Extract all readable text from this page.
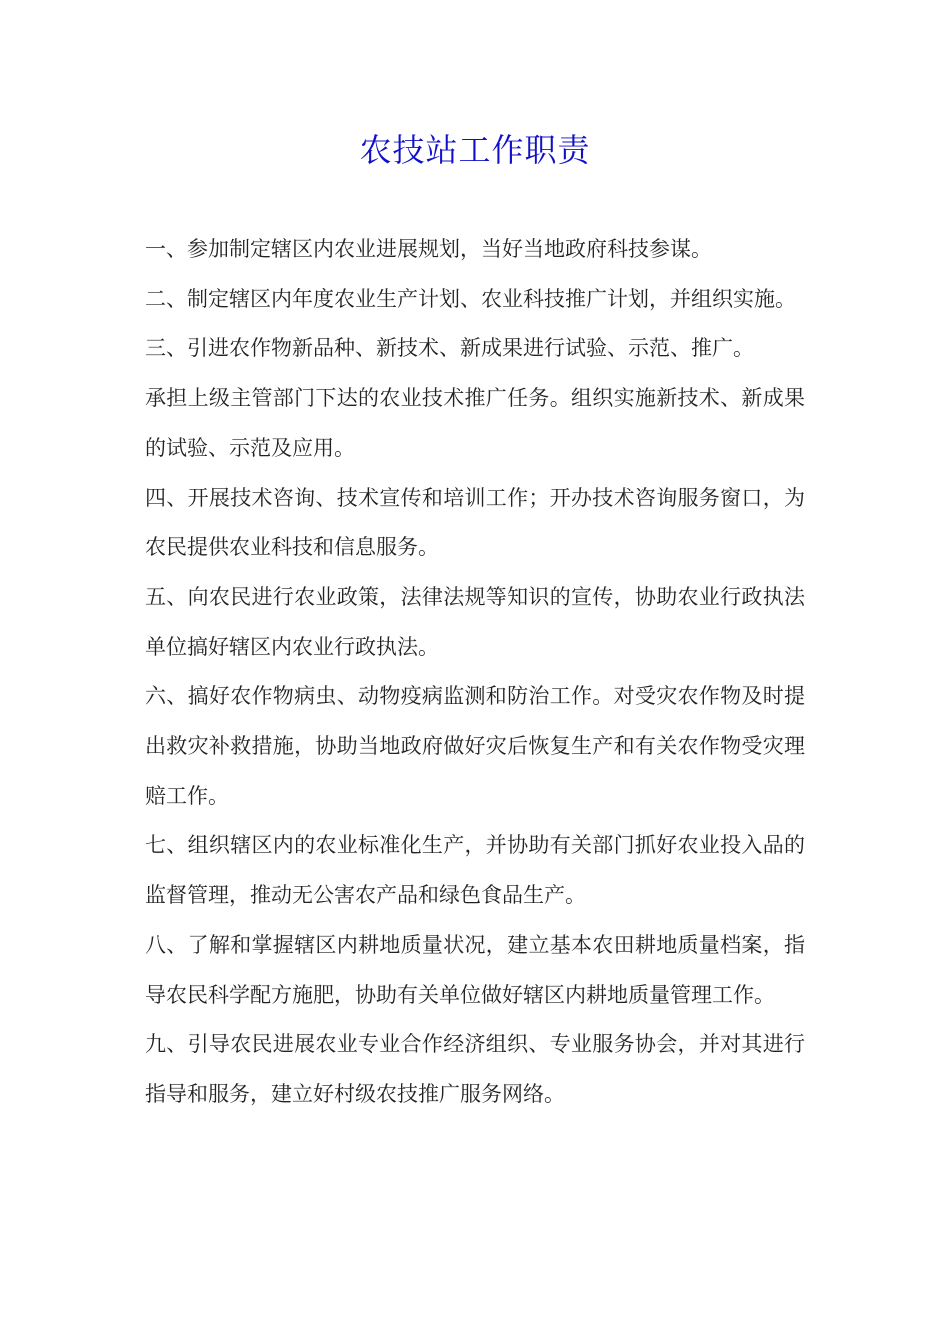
农技站工作职责

一、参加制定辖区内农业进展规划，当好当地政府科技参谋。

二、制定辖区内年度农业生产计划、农业科技推广计划，并组织实施。

三、引进农作物新品种、新技术、新成果进行试验、示范、推广。

承担上级主管部门下达的农业技术推广任务。组织实施新技术、新成果的试验、示范及应用。

四、开展技术咨询、技术宣传和培训工作；开办技术咨询服务窗口，为农民提供农业科技和信息服务。

五、向农民进行农业政策，法律法规等知识的宣传，协助农业行政执法单位搞好辖区内农业行政执法。

六、搞好农作物病虫、动物疫病监测和防治工作。对受灾农作物及时提出救灾补救措施，协助当地政府做好灾后恢复生产和有关农作物受灾理赔工作。

七、组织辖区内的农业标准化生产，并协助有关部门抓好农业投入品的监督管理，推动无公害农产品和绿色食品生产。

八、了解和掌握辖区内耕地质量状况，建立基本农田耕地质量档案，指导农民科学配方施肥，协助有关单位做好辖区内耕地质量管理工作。

九、引导农民进展农业专业合作经济组织、专业服务协会，并对其进行指导和服务，建立好村级农技推广服务网络。
